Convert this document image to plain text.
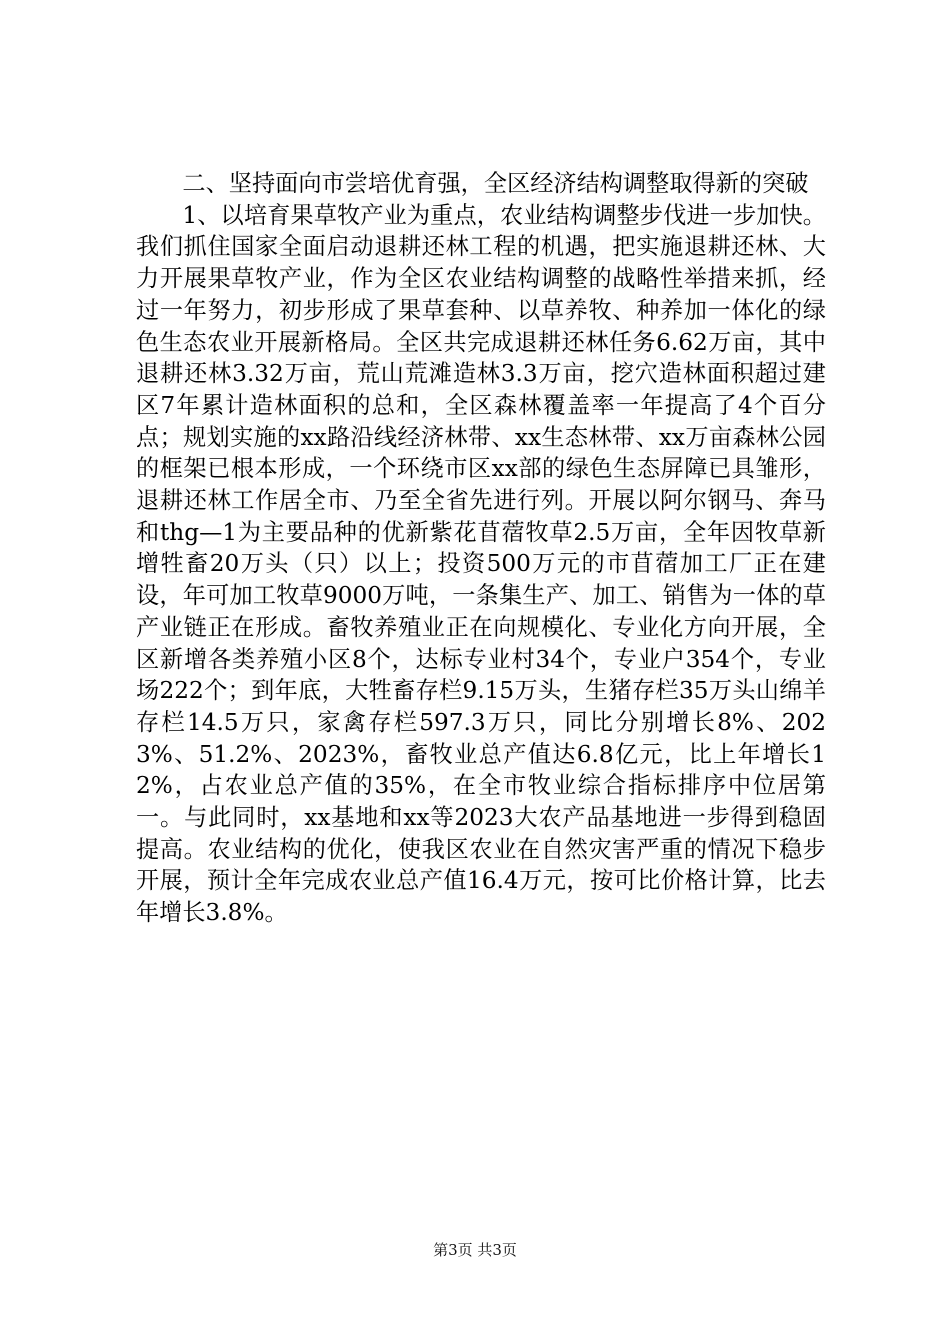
二、坚持面向市尝培优育强，全区经济结构调整取得新的突破

1、以培育果草牧产业为重点，农业结构调整步伐进一步加快。我们抓住国家全面启动退耕还林工程的机遇，把实施退耕还林、大力开展果草牧产业，作为全区农业结构调整的战略性举措来抓，经过一年努力，初步形成了果草套种、以草养牧、种养加一体化的绿色生态农业开展新格局。全区共完成退耕还林任务6.62万亩，其中退耕还林3.32万亩，荒山荒滩造林3.3万亩，挖穴造林面积超过建区7年累计造林面积的总和，全区森林覆盖率一年提高了4个百分点；规划实施的xx路沿线经济林带、xx生态林带、xx万亩森林公园的框架已根本形成，一个环绕市区xx部的绿色生态屏障已具雏形，退耕还林工作居全市、乃至全省先进行列。开展以阿尔钢马、奔马和thg—1为主要品种的优新紫花苜蓿牧草2.5万亩，全年因牧草新增牲畜20万头（只）以上；投资500万元的市苜蓿加工厂正在建设，年可加工牧草9000万吨，一条集生产、加工、销售为一体的草产业链正在形成。畜牧养殖业正在向规模化、专业化方向开展，全区新增各类养殖小区8个，达标专业村34个，专业户354个，专业场222个；到年底，大牲畜存栏9.15万头，生猪存栏35万头山绵羊存栏14.5万只，家禽存栏597.3万只，同比分别增长8%、2023%、51.2%、2023%，畜牧业总产值达6.8亿元，比上年增长12%，占农业总产值的35%，在全市牧业综合指标排序中位居第一。与此同时，xx基地和xx等2023大农产品基地进一步得到稳固提高。农业结构的优化，使我区农业在自然灾害严重的情况下稳步开展，预计全年完成农业总产值16.4万元，按可比价格计算，比去年增长3.8%。

第3页 共3页
